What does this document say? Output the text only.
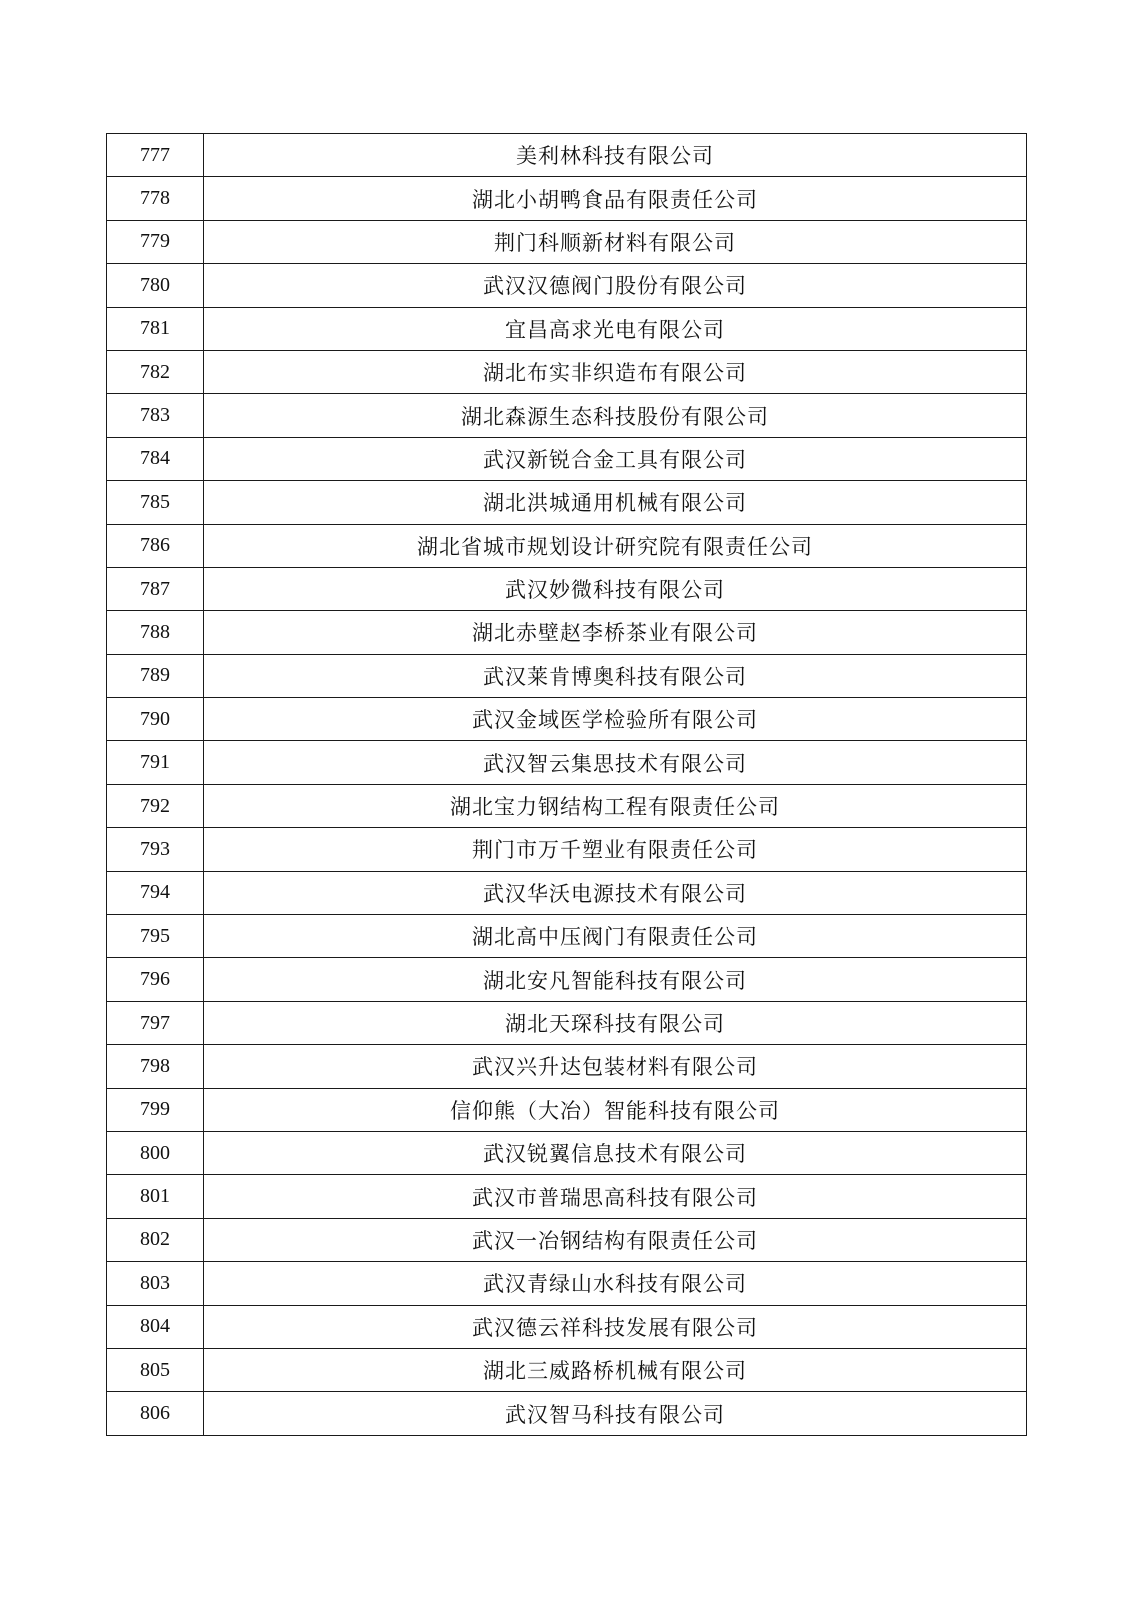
777	美利林科技有限公司
778	湖北小胡鸭食品有限责任公司
779	荆门科顺新材料有限公司
780	武汉汉德阀门股份有限公司
781	宜昌高求光电有限公司
782	湖北布实非织造布有限公司
783	湖北森源生态科技股份有限公司
784	武汉新锐合金工具有限公司
785	湖北洪城通用机械有限公司
786	湖北省城市规划设计研究院有限责任公司
787	武汉妙微科技有限公司
788	湖北赤壁赵李桥茶业有限公司
789	武汉莱肯博奥科技有限公司
790	武汉金域医学检验所有限公司
791	武汉智云集思技术有限公司
792	湖北宝力钢结构工程有限责任公司
793	荆门市万千塑业有限责任公司
794	武汉华沃电源技术有限公司
795	湖北高中压阀门有限责任公司
796	湖北安凡智能科技有限公司
797	湖北天琛科技有限公司
798	武汉兴升达包装材料有限公司
799	信仰熊（大冶）智能科技有限公司
800	武汉锐翼信息技术有限公司
801	武汉市普瑞思高科技有限公司
802	武汉一冶钢结构有限责任公司
803	武汉青绿山水科技有限公司
804	武汉德云祥科技发展有限公司
805	湖北三威路桥机械有限公司
806	武汉智马科技有限公司
